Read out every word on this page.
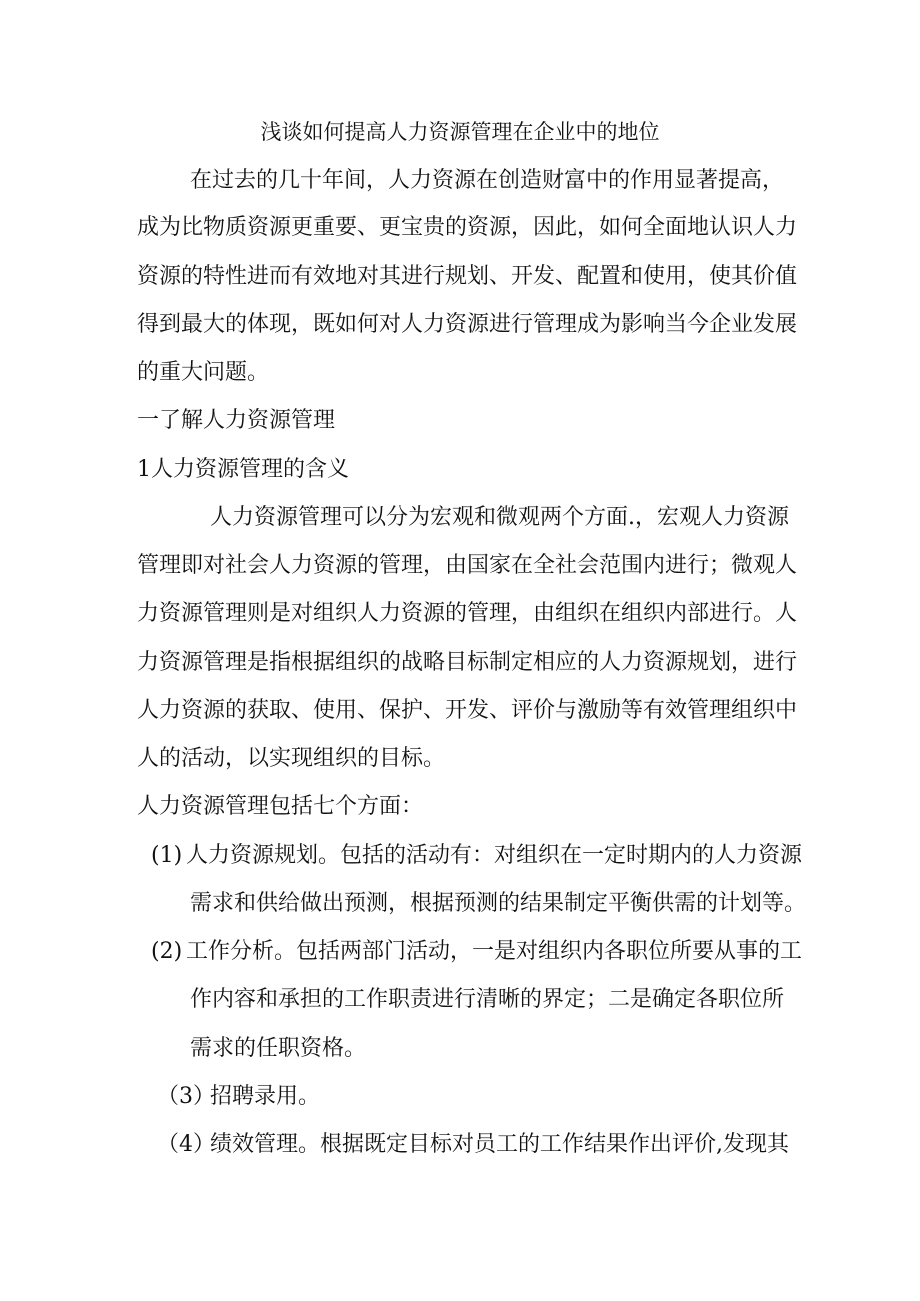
浅谈如何提高人力资源管理在企业中的地位
在过去的几十年间，人力资源在创造财富中的作用显著提高，
成为比物质资源更重要、更宝贵的资源，因此，如何全面地认识人力
资源的特性进而有效地对其进行规划、开发、配置和使用，使其价值
得到最大的体现，既如何对人力资源进行管理成为影响当今企业发展
的重大问题。
一了解人力资源管理
1人力资源管理的含义
人力资源管理可以分为宏观和微观两个方面.，宏观人力资源
管理即对社会人力资源的管理，由国家在全社会范围内进行；微观人
力资源管理则是对组织人力资源的管理，由组织在组织内部进行。人
力资源管理是指根据组织的战略目标制定相应的人力资源规划，进行
人力资源的获取、使用、保护、开发、评价与激励等有效管理组织中
人的活动，以实现组织的目标。
人力资源管理包括七个方面：
(1) 人力资源规划。包括的活动有：对组织在一定时期内的人力资源
需求和供给做出预测，根据预测的结果制定平衡供需的计划等。
(2) 工作分析。包括两部门活动，一是对组织内各职位所要从事的工
作内容和承担的工作职责进行清晰的界定；二是确定各职位所
需求的任职资格。
（3）
招聘录用。
（4）
绩效管理。根据既定目标对员工的工作结果作出评价,发现其
